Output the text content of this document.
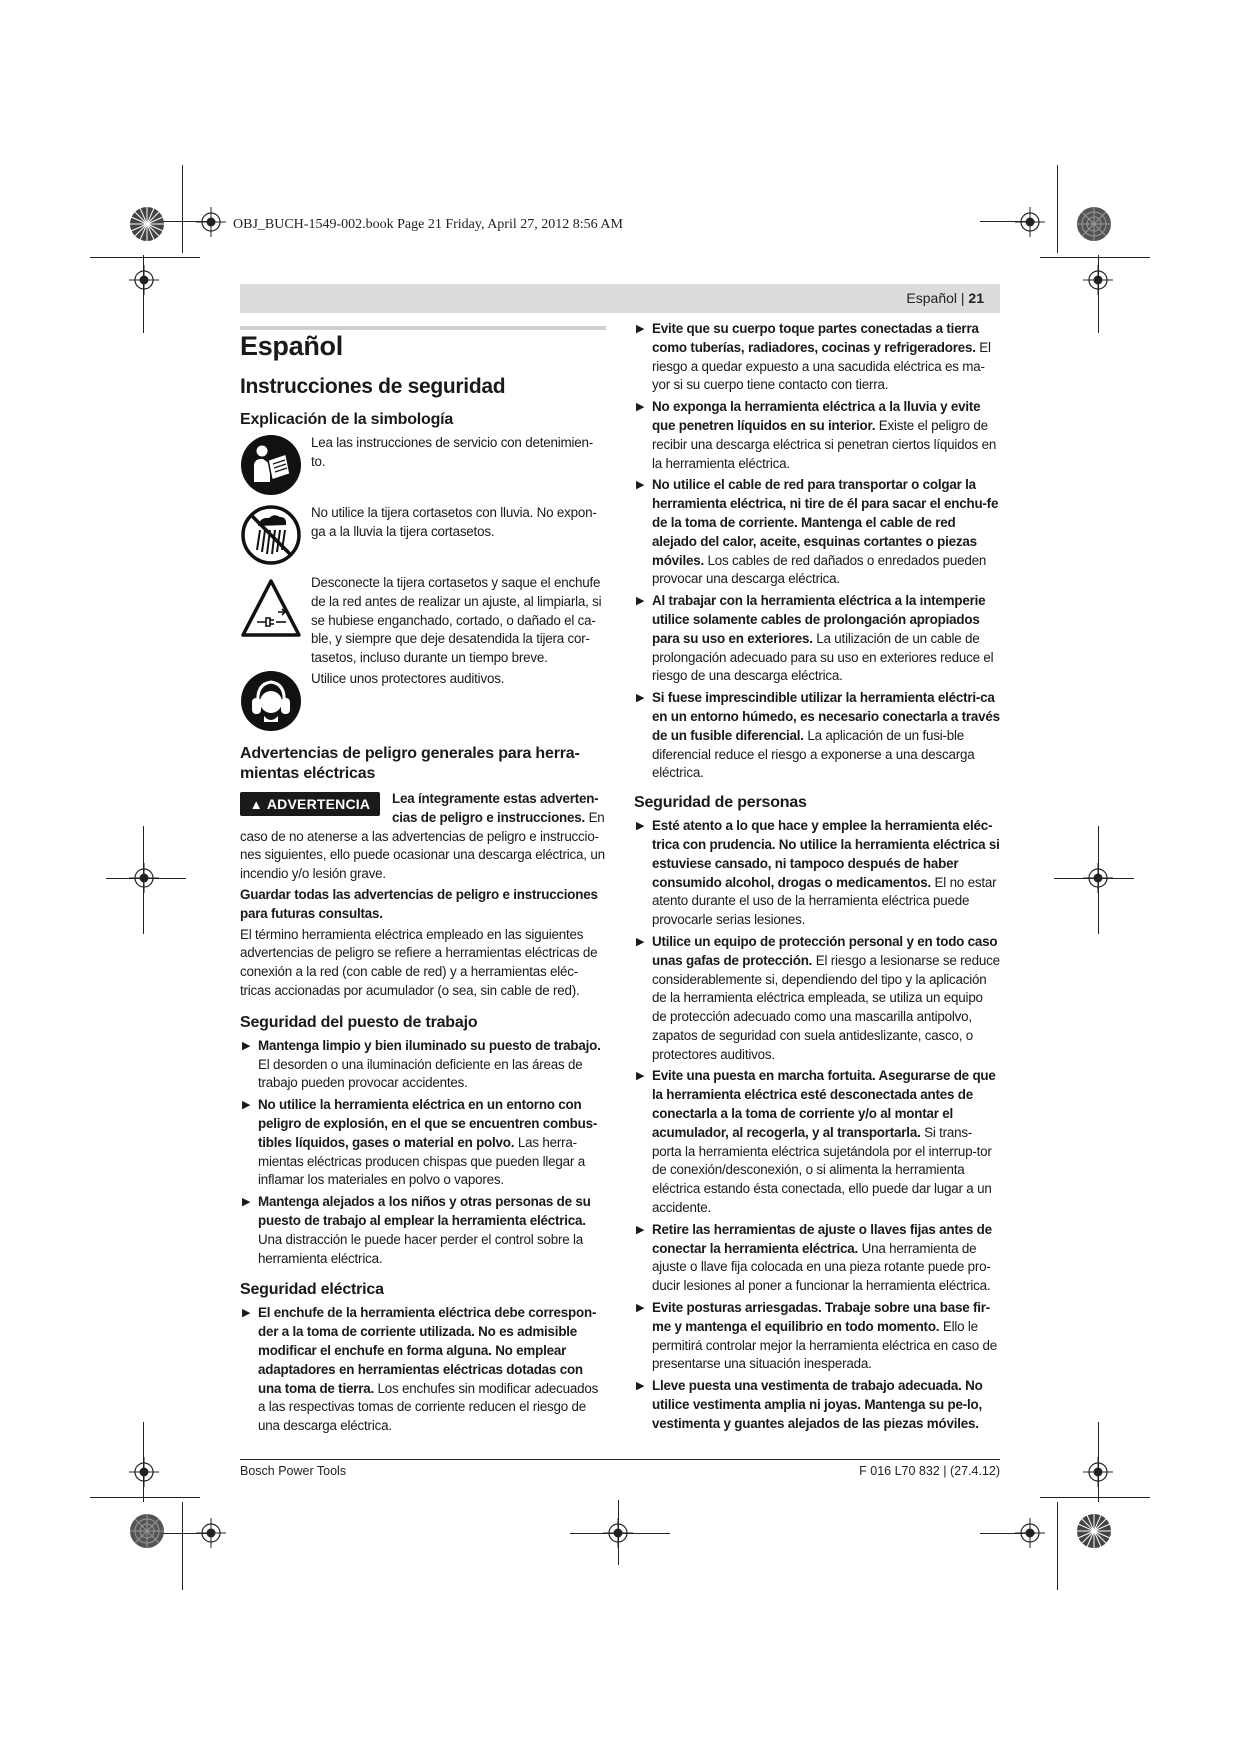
OBJ_BUCH-1549-002.book Page 21 Friday, April 27, 2012 8:56 AM
Español | 21
Español
Instrucciones de seguridad
Explicación de la simbología
Lea las instrucciones de servicio con detenimien-to.
No utilice la tijera cortasetos con lluvia. No expon-ga a la lluvia la tijera cortasetos.
Desconecte la tijera cortasetos y saque el enchufe de la red antes de realizar un ajuste, al limpiarla, si se hubiese enganchado, cortado, o dañado el ca-ble, y siempre que deje desatendida la tijera cor-tasetos, incluso durante un tiempo breve.
Utilice unos protectores auditivos.
Advertencias de peligro generales para herra-mientas eléctricas
▲ ADVERTENCIA	Lea íntegramente estas adverten-cias de peligro e instrucciones. En caso de no atenerse a las advertencias de peligro e instruccio-nes siguientes, ello puede ocasionar una descarga eléctrica, un incendio y/o lesión grave.

Guardar todas las advertencias de peligro e instrucciones para futuras consultas.

El término herramienta eléctrica empleado en las siguientes advertencias de peligro se refiere a herramientas eléctricas de conexión a la red (con cable de red) y a herramientas eléc-tricas accionadas por acumulador (o sea, sin cable de red).

Seguridad del puesto de trabajo
▶ Mantenga limpio y bien iluminado su puesto de trabajo. El desorden o una iluminación deficiente en las áreas de trabajo pueden provocar accidentes.
▶ No utilice la herramienta eléctrica en un entorno con peligro de explosión, en el que se encuentren combus-tibles líquidos, gases o material en polvo. Las herra-mientas eléctricas producen chispas que pueden llegar a inflamar los materiales en polvo o vapores.
▶ Mantenga alejados a los niños y otras personas de su puesto de trabajo al emplear la herramienta eléctrica. Una distracción le puede hacer perder el control sobre la herramienta eléctrica.
Seguridad eléctrica
▶ El enchufe de la herramienta eléctrica debe correspon-der a la toma de corriente utilizada. No es admisible modificar el enchufe en forma alguna. No emplear adaptadores en herramientas eléctricas dotadas con una toma de tierra. Los enchufes sin modificar adecuados a las respectivas tomas de corriente reducen el riesgo de una descarga eléctrica.
▶ Evite que su cuerpo toque partes conectadas a tierra como tuberías, radiadores, cocinas y refrigeradores. El riesgo a quedar expuesto a una sacudida eléctrica es ma-yor si su cuerpo tiene contacto con tierra.
▶ No exponga la herramienta eléctrica a la lluvia y evite que penetren líquidos en su interior. Existe el peligro de recibir una descarga eléctrica si penetran ciertos líquidos en la herramienta eléctrica.
▶ No utilice el cable de red para transportar o colgar la herramienta eléctrica, ni tire de él para sacar el enchu-fe de la toma de corriente. Mantenga el cable de red alejado del calor, aceite, esquinas cortantes o piezas móviles. Los cables de red dañados o enredados pueden provocar una descarga eléctrica.
▶ Al trabajar con la herramienta eléctrica a la intemperie utilice solamente cables de prolongación apropiados para su uso en exteriores. La utilización de un cable de prolongación adecuado para su uso en exteriores reduce el riesgo de una descarga eléctrica.
▶ Si fuese imprescindible utilizar la herramienta eléctri-ca en un entorno húmedo, es necesario conectarla a través de un fusible diferencial. La aplicación de un fusi-ble diferencial reduce el riesgo a exponerse a una descarga eléctrica.
Seguridad de personas
▶ Esté atento a lo que hace y emplee la herramienta eléc-trica con prudencia. No utilice la herramienta eléctrica si estuviese cansado, ni tampoco después de haber consumido alcohol, drogas o medicamentos. El no estar atento durante el uso de la herramienta eléctrica puede provocarle serias lesiones.
▶ Utilice un equipo de protección personal y en todo caso unas gafas de protección. El riesgo a lesionarse se reduce considerablemente si, dependiendo del tipo y la aplicación de la herramienta eléctrica empleada, se utiliza un equipo de protección adecuado como una mascarilla antipolvo, zapatos de seguridad con suela antideslizante, casco, o protectores auditivos.
▶ Evite una puesta en marcha fortuita. Asegurarse de que la herramienta eléctrica esté desconectada antes de conectarla a la toma de corriente y/o al montar el acumulador, al recogerla, y al transportarla. Si trans-porta la herramienta eléctrica sujetándola por el interrup-tor de conexión/desconexión, o si alimenta la herramienta eléctrica estando ésta conectada, ello puede dar lugar a un accidente.
▶ Retire las herramientas de ajuste o llaves fijas antes de conectar la herramienta eléctrica. Una herramienta de ajuste o llave fija colocada en una pieza rotante puede pro-ducir lesiones al poner a funcionar la herramienta eléctrica.
▶ Evite posturas arriesgadas. Trabaje sobre una base fir-me y mantenga el equilibrio en todo momento. Ello le permitirá controlar mejor la herramienta eléctrica en caso de presentarse una situación inesperada.
▶ Lleve puesta una vestimenta de trabajo adecuada. No utilice vestimenta amplia ni joyas. Mantenga su pe-lo, vestimenta y guantes alejados de las piezas móviles.
Bosch Power Tools	F 016 L70 832 | (27.4.12)
